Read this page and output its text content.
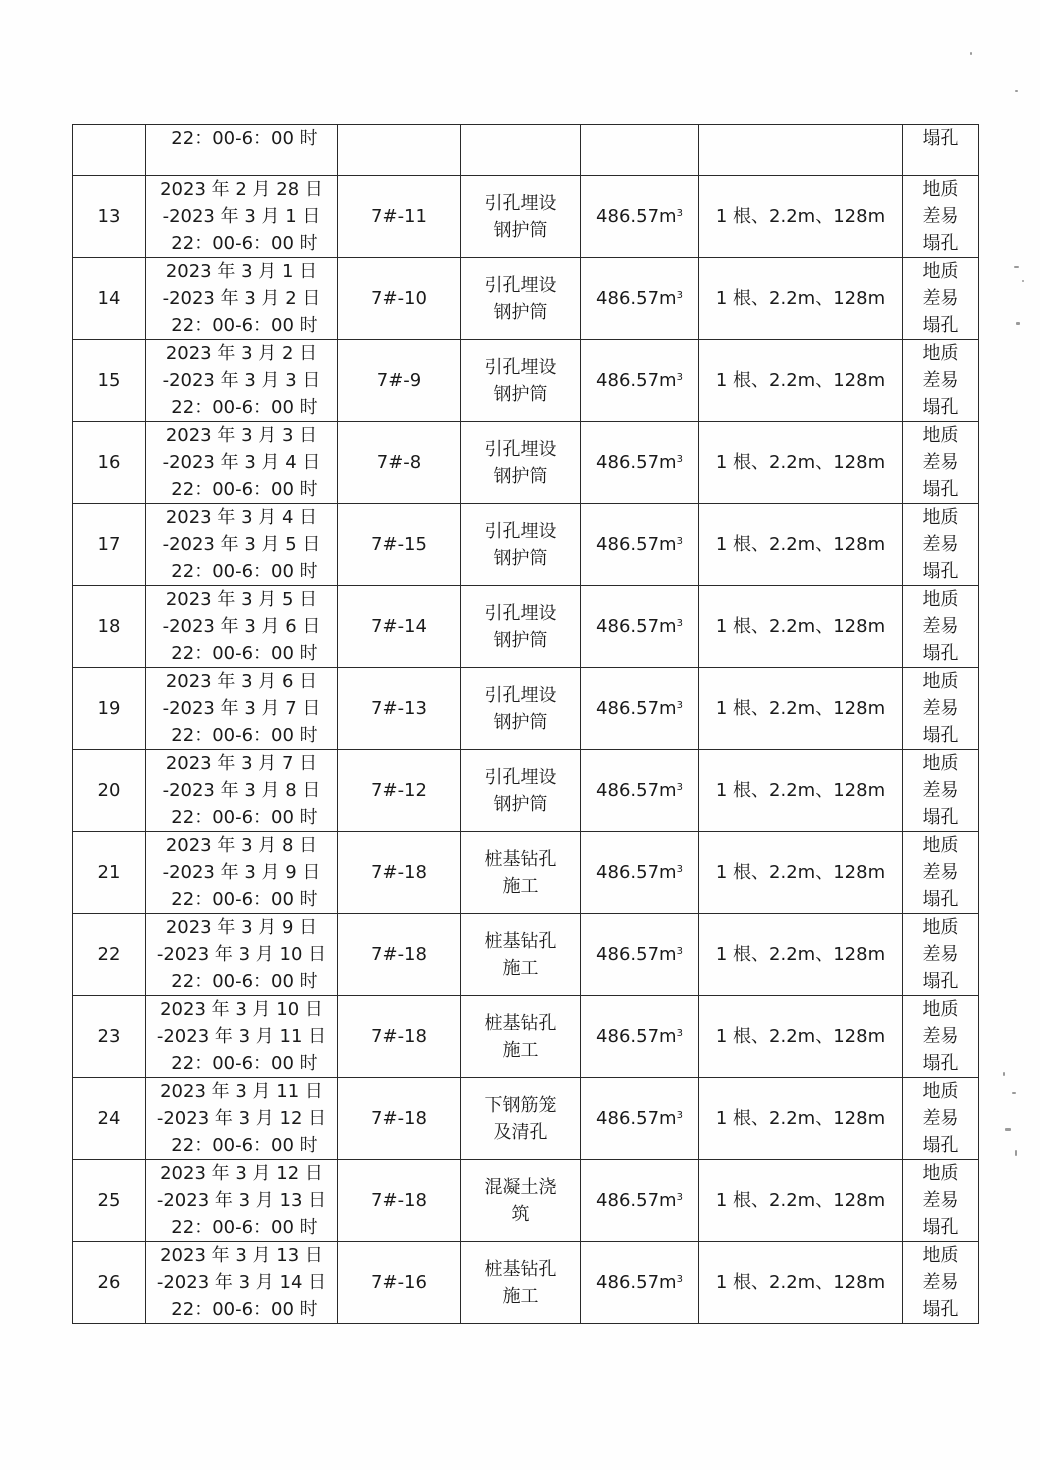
	22：00-6：00 时					塌孔

13	2023 年 2 月 28 日
-2023 年 3 月 1 日
22：00-6：00 时	7#-11	引孔埋设
钢护筒	$486.57m^3$	1 根、2.2m、128m	地质
差易
塌孔

14	2023 年 3 月 1 日
-2023 年 3 月 2 日
22：00-6：00 时	7#-10	引孔埋设
钢护筒	$486.57m^3$	1 根、2.2m、128m	地质
差易
塌孔

15	2023 年 3 月 2 日
-2023 年 3 月 3 日
22：00-6：00 时	7#-9	引孔埋设
钢护筒	$486.57m^3$	1 根、2.2m、128m	地质
差易
塌孔

16	2023 年 3 月 3 日
-2023 年 3 月 4 日
22：00-6：00 时	7#-8	引孔埋设
钢护筒	$486.57m^3$	1 根、2.2m、128m	地质
差易
塌孔

17	2023 年 3 月 4 日
-2023 年 3 月 5 日
22：00-6：00 时	7#-15	引孔埋设
钢护筒	$486.57m^3$	1 根、2.2m、128m	地质
差易
塌孔

18	2023 年 3 月 5 日
-2023 年 3 月 6 日
22：00-6：00 时	7#-14	引孔埋设
钢护筒	$486.57m^3$	1 根、2.2m、128m	地质
差易
塌孔

19	2023 年 3 月 6 日
-2023 年 3 月 7 日
22：00-6：00 时	7#-13	引孔埋设
钢护筒	$486.57m^3$	1 根、2.2m、128m	地质
差易
塌孔

20	2023 年 3 月 7 日
-2023 年 3 月 8 日
22：00-6：00 时	7#-12	引孔埋设
钢护筒	$486.57m^3$	1 根、2.2m、128m	地质
差易
塌孔

21	2023 年 3 月 8 日
-2023 年 3 月 9 日
22：00-6：00 时	7#-18	桩基钻孔
施工	$486.57m^3$	1 根、2.2m、128m	地质
差易
塌孔

22	2023 年 3 月 9 日
-2023 年 3 月 10 日
22：00-6：00 时	7#-18	桩基钻孔
施工	$486.57m^3$	1 根、2.2m、128m	地质
差易
塌孔

23	2023 年 3 月 10 日
-2023 年 3 月 11 日
22：00-6：00 时	7#-18	桩基钻孔
施工	$486.57m^3$	1 根、2.2m、128m	地质
差易
塌孔

24	2023 年 3 月 11 日
-2023 年 3 月 12 日
22：00-6：00 时	7#-18	下钢筋笼
及清孔	$486.57m^3$	1 根、2.2m、128m	地质
差易
塌孔

25	2023 年 3 月 12 日
-2023 年 3 月 13 日
22：00-6：00 时	7#-18	混凝土浇
筑	$486.57m^3$	1 根、2.2m、128m	地质
差易
塌孔

26	2023 年 3 月 13 日
-2023 年 3 月 14 日
22：00-6：00 时	7#-16	桩基钻孔
施工	$486.57m^3$	1 根、2.2m、128m	地质
差易
塌孔
